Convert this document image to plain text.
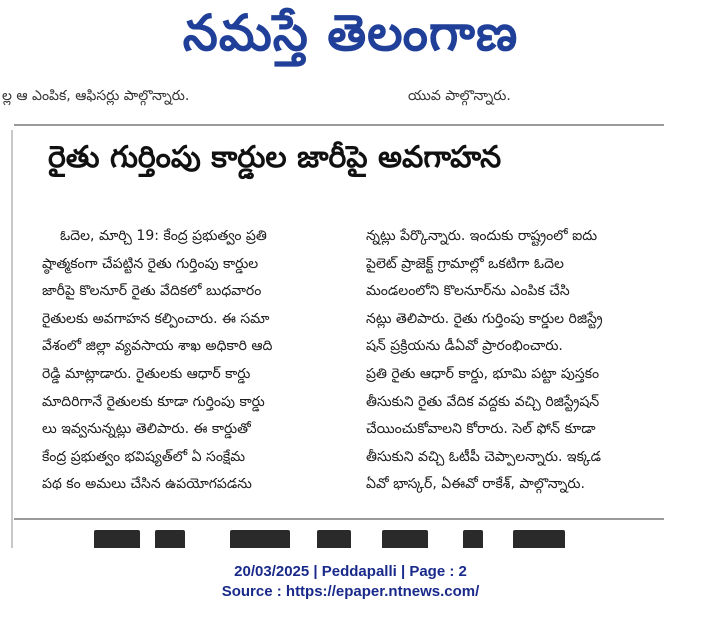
నమస్తే తెలంగాణ
ల్ల ఆ ఎంపిక, ఆఫిసర్లు పాల్గొన్నారు.	యువ పాల్గొన్నారు.
రైతు గుర్తింపు కార్డుల జారీపై అవగాహన
ఓదెల, మార్చి 19: కేంద్ర ప్రభుత్వం ప్రతి
ష్ఠాత్మకంగా చేపట్టిన రైతు గుర్తింపు కార్డుల
జారీపై కొలనూర్ రైతు వేదికలో బుధవారం
రైతులకు అవగాహన కల్పించారు. ఈ సమా
వేశంలో జిల్లా వ్యవసాయ శాఖ అధికారి ఆది
రెడ్డి మాట్లాడారు. రైతులకు ఆధార్ కార్డు
మాదిరిగానే రైతులకు కూడా గుర్తింపు కార్డు
లు ఇవ్వనున్నట్లు తెలిపారు. ఈ కార్డుతో
కేంద్ర ప్రభుత్వం భవిష్యత్‌లో ఏ సంక్షేమ
పథ కం అమలు చేసిన ఉపయోగపడను
న్నట్లు పేర్కొన్నారు. ఇందుకు రాష్ట్రంలో ఐదు
పైలెట్ ప్రాజెక్ట్ గ్రామాల్లో ఒకటిగా ఓదెల
మండలంలోని కొలనూర్‌ను ఎంపిక చేసి
నట్లు తెలిపారు. రైతు గుర్తింపు కార్డుల రిజిస్ట్రే
షన్ ప్రక్రియను డీఏవో ప్రారంభించారు.
ప్రతి రైతు ఆధార్ కార్డు, భూమి పట్టా పుస్తకం
తీసుకుని రైతు వేదిక వద్దకు వచ్చి రిజిస్ట్రేషన్
చేయించుకోవాలని కోరారు. సెల్ ఫోన్ కూడా
తీసుకుని వచ్చి ఓటీపీ చెప్పాలన్నారు. ఇక్కడ
ఏవో భాస్కర్, ఏఈవో రాకేశ్, పాల్గొన్నారు.

20/03/2025 | Peddapalli | Page : 2
Source : https://epaper.ntnews.com/
